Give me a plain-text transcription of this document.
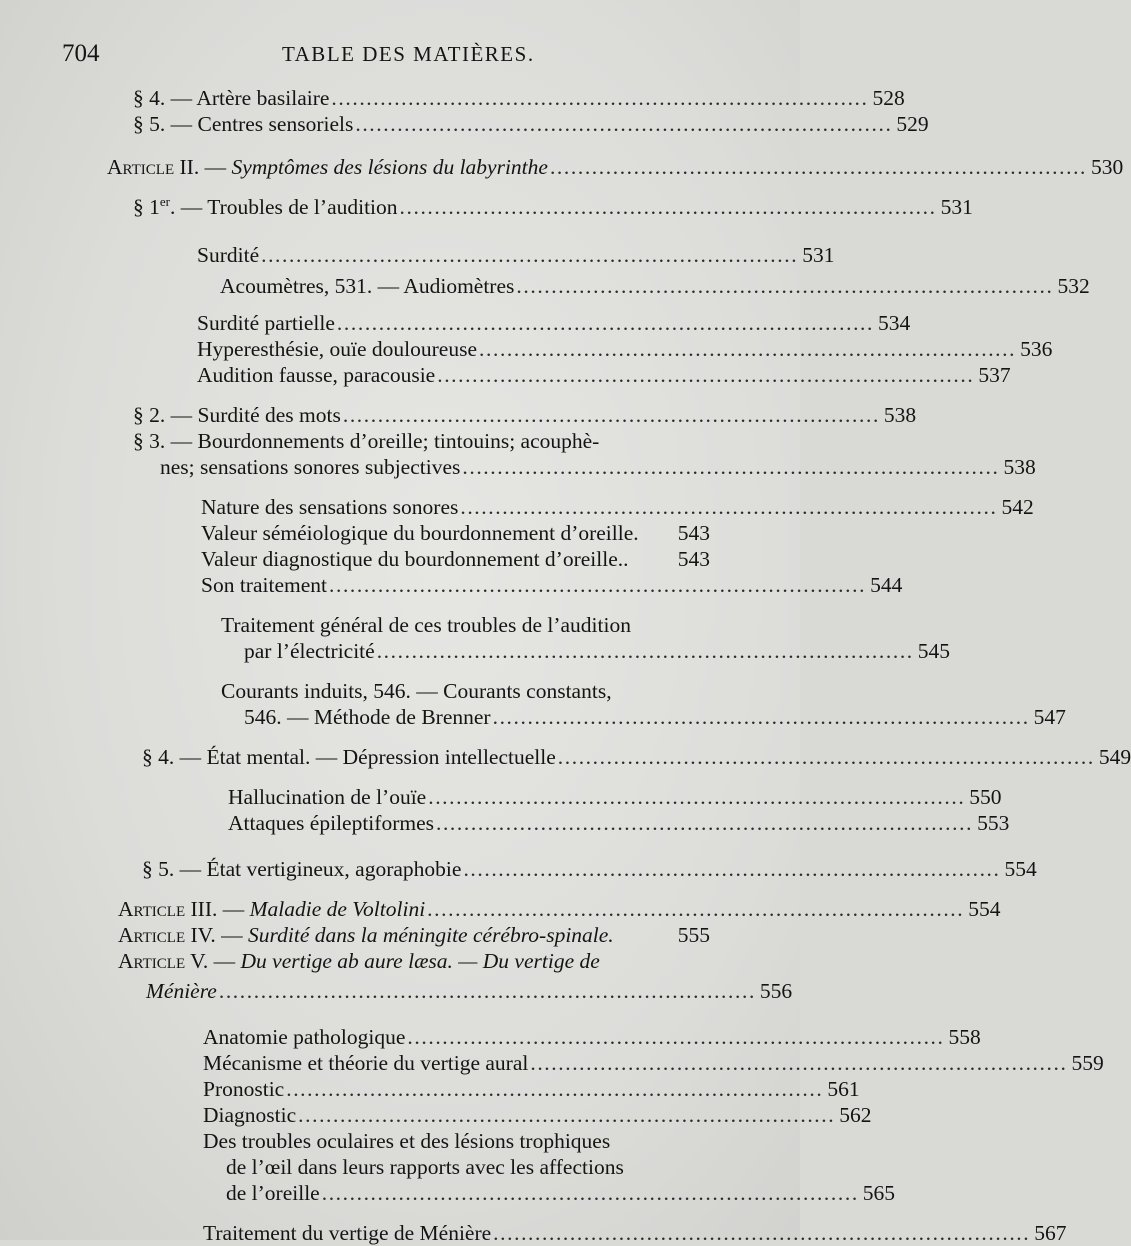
704	TABLE DES MATIÈRES.
§ 4. — Artère basilaire ............................................................................. 528
§ 5. — Centres sensoriels ............................................................................. 529
Article II. — Symptômes des lésions du labyrinthe ............................................................................. 530
§ 1er. — Troubles de l’audition ............................................................................. 531
Surdité ............................................................................. 531
Acoumètres, 531. — Audiomètres ............................................................................. 532
Surdité partielle ............................................................................. 534
Hyperesthésie, ouïe douloureuse ............................................................................. 536
Audition fausse, paracousie ............................................................................. 537
§ 2. — Surdité des mots ............................................................................. 538
§ 3. — Bourdonnements d’oreille; tintouins; acouphè-
nes; sensations sonores subjectives ............................................................................. 538
Nature des sensations sonores ............................................................................. 542
Valeur séméiologique du bourdonnement d’oreille.	543
Valeur diagnostique du bourdonnement d’oreille..	543
Son traitement ............................................................................. 544
Traitement général de ces troubles de l’audition
par l’électricité ............................................................................. 545
Courants induits, 546. — Courants constants,
546. — Méthode de Brenner ............................................................................. 547
§ 4. — État mental. — Dépression intellectuelle ............................................................................. 549
Hallucination de l’ouïe ............................................................................. 550
Attaques épileptiformes ............................................................................. 553
§ 5. — État vertigineux, agoraphobie ............................................................................. 554
Article III. — Maladie de Voltolini ............................................................................. 554
Article IV. — Surdité dans la méningite cérébro-spinale.	555
Article V. — Du vertige ab aure læsa. — Du vertige de
Ménière ............................................................................. 556
Anatomie pathologique ............................................................................. 558
Mécanisme et théorie du vertige aural ............................................................................. 559
Pronostic ............................................................................. 561
Diagnostic ............................................................................. 562
Des troubles oculaires et des lésions trophiques
de l’œil dans leurs rapports avec les affections
de l’oreille ............................................................................. 565
Traitement du vertige de Ménière ............................................................................. 567
